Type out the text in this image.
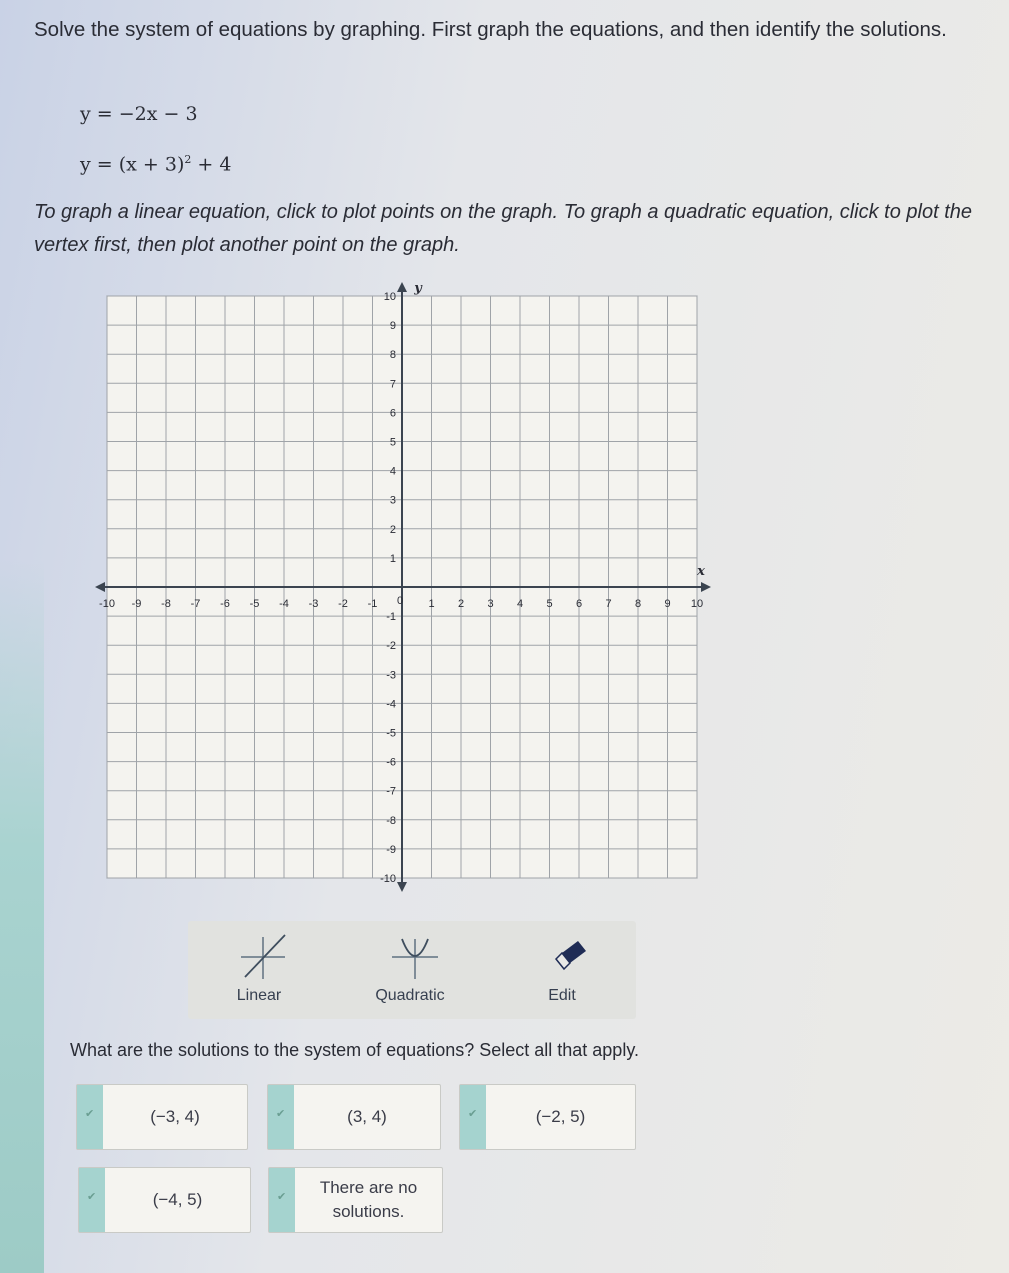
Solve the system of equations by graphing. First graph the equations, and then identify the solutions.
y = −2x − 3
$y = (x + 3)^2 + 4$
To graph a linear equation, click to plot points on the graph. To graph a quadratic equation, click to plot the vertex first, then plot another point on the graph.
-10 -9 -8 -7 -6 -5 -4 -3 -2 -1	1 2 3 4 5 6 7 8 9 10
10
9
8
7
6
5
4
3
2
1
-1
-2
-3
-4
-5
-6
-7
-8
-9
-10
0
x
y
Linear	Quadratic	Edit
What are the solutions to the system of equations? Select all that apply.
✔	(−3, 4)	✔	(3, 4)	✔	(−2, 5)
✔	(−4, 5)	✔	There are no solutions.
